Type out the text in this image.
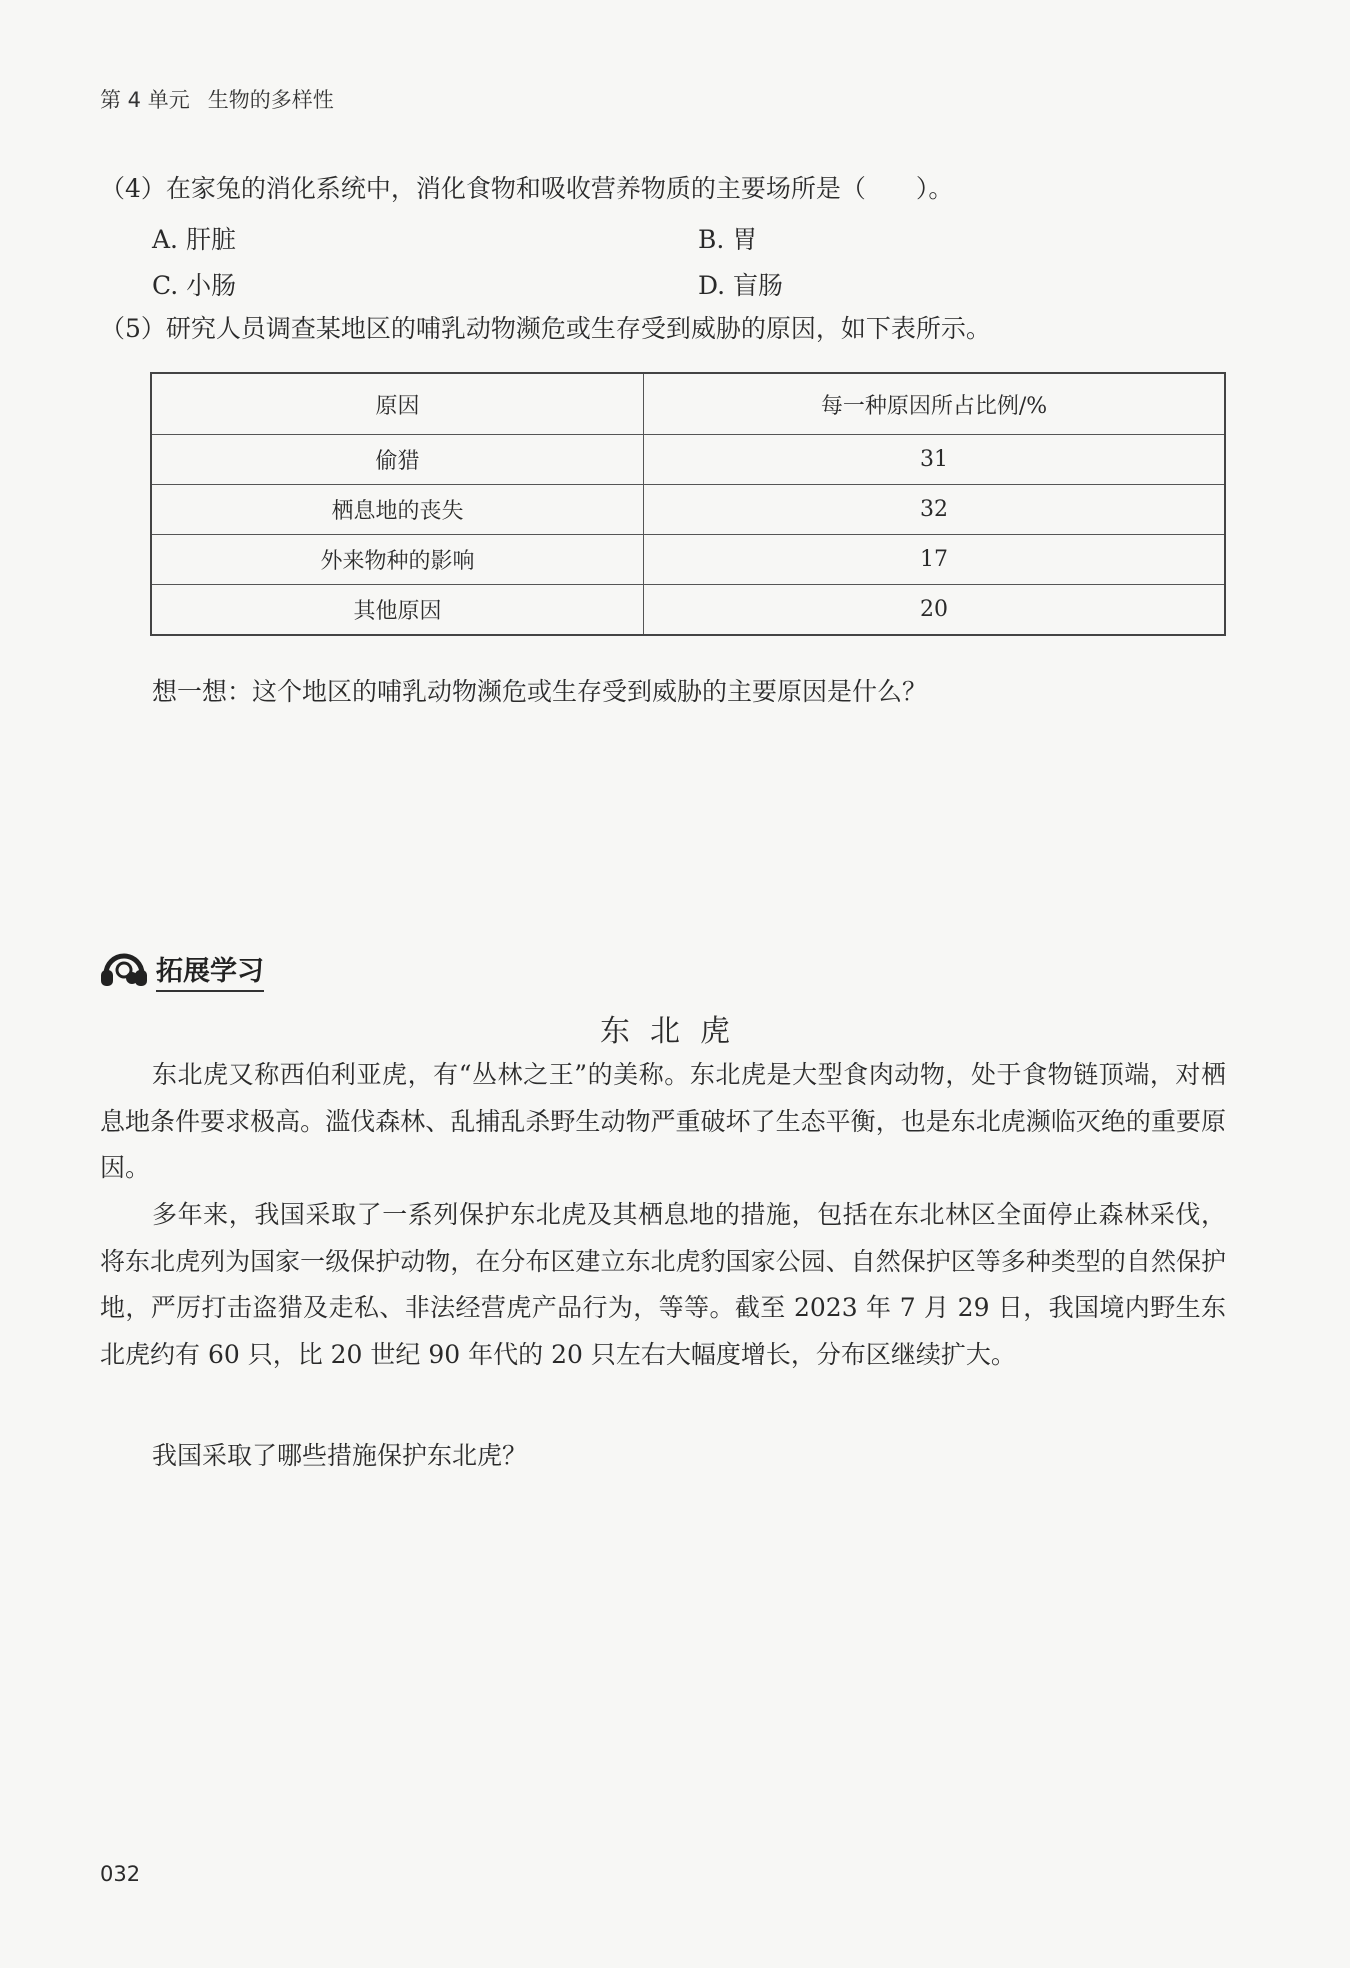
第 4 单元 生物的多样性
（4）在家兔的消化系统中，消化食物和吸收营养物质的主要场所是（　　）。
A. 肝脏	B. 胃
C. 小肠	D. 盲肠
（5）研究人员调查某地区的哺乳动物濒危或生存受到威胁的原因，如下表所示。
原因	每一种原因所占比例/%
偷猎	31
栖息地的丧失	32
外来物种的影响	17
其他原因	20
想一想：这个地区的哺乳动物濒危或生存受到威胁的主要原因是什么？
拓展学习
东北虎
东北虎又称西伯利亚虎，有“丛林之王”的美称。东北虎是大型食肉动物，处于食物链顶端，对栖息地条件要求极高。滥伐森林、乱捕乱杀野生动物严重破坏了生态平衡，也是东北虎濒临灭绝的重要原因。
多年来，我国采取了一系列保护东北虎及其栖息地的措施，包括在东北林区全面停止森林采伐，将东北虎列为国家一级保护动物，在分布区建立东北虎豹国家公园、自然保护区等多种类型的自然保护地，严厉打击盗猎及走私、非法经营虎产品行为，等等。截至 2023 年 7 月 29 日，我国境内野生东北虎约有 60 只，比 20 世纪 90 年代的 20 只左右大幅度增长，分布区继续扩大。
我国采取了哪些措施保护东北虎？
032
